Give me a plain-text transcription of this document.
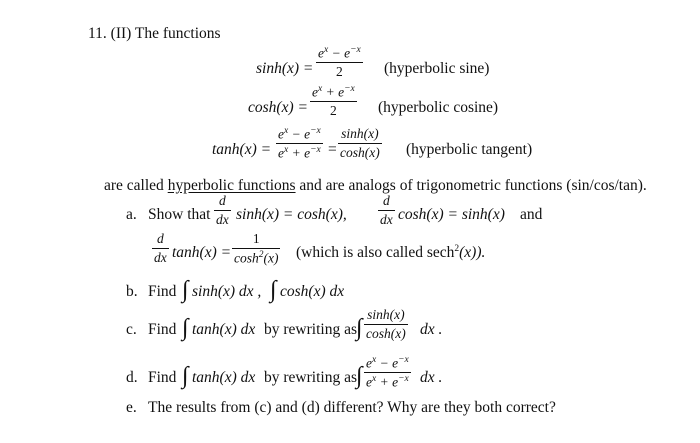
11. (II) The functions
sinh(x) =
$e^x - e^{-x}$
2	(hyperbolic sine)
cosh(x) =
$e^x + e^{-x}$
2	(hyperbolic cosine)
tanh(x) =
$e^x - e^{-x}$
$e^x + e^{-x}$ =
sinh(x)
cosh(x) (hyperbolic tangent)
are called hyperbolic functions and are analogs of trigonometric functions (sin/cos/tan).
a. Show that
d
dx sinh(x) = cosh(x),
d
dx cosh(x) = sinh(x) and
d
dx tanh(x) =
1
$\cosh^2(x)$ (which is also called sech$^2$(x)).
b. Find ∫ sinh(x) dx , ∫ cosh(x) dx
c. Find ∫ tanh(x) dx by rewriting as ∫
sinh(x)
cosh(x) dx .
d. Find ∫ tanh(x) dx by rewriting as ∫ $e^x - e^{-x}$
$e^x + e^{-x}$ dx .
e. The results from (c) and (d) different? Why are they both correct?
